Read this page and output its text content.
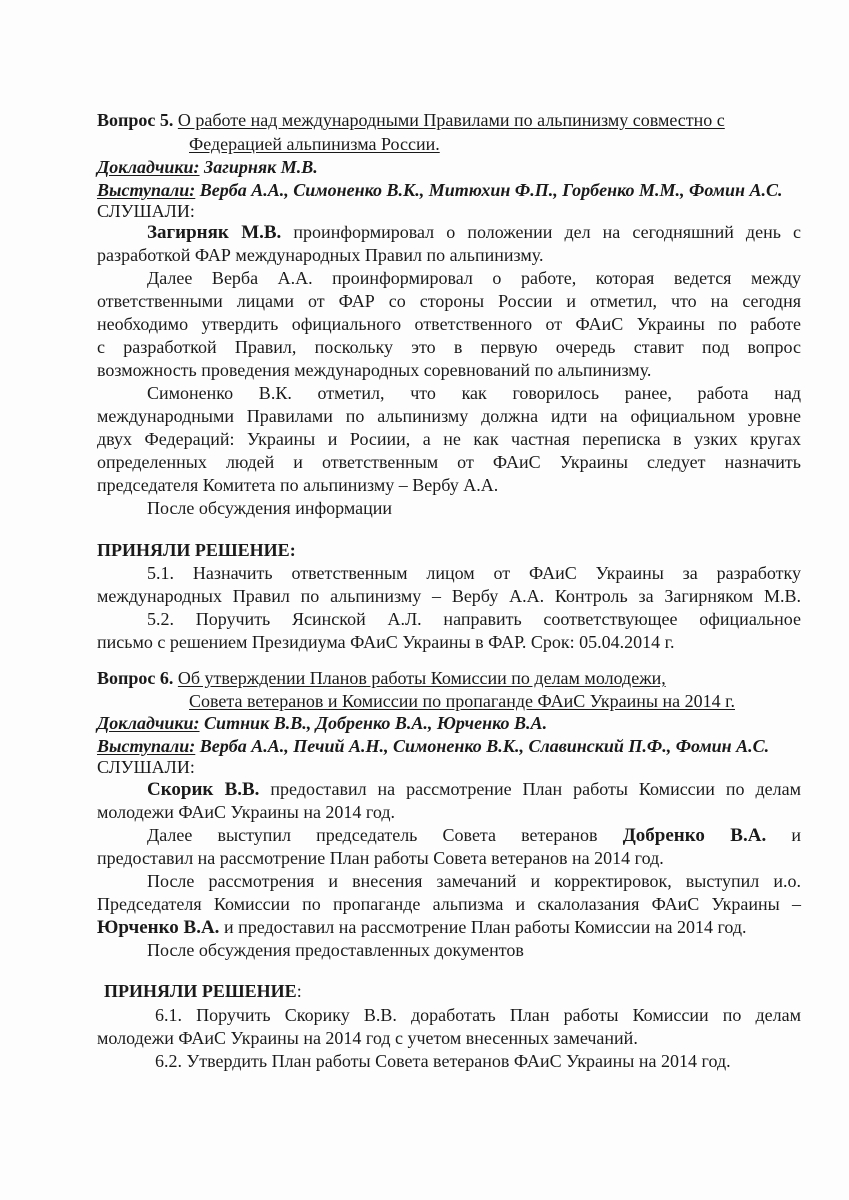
Вопрос 5. О работе над международными Правилами по альпинизму совместно с
Федерацией альпинизма России.
Докладчики: Загирняк М.В.
Выступали: Верба А.А., Симоненко В.К., Митюхин Ф.П., Горбенко М.М., Фомин А.С.
СЛУШАЛИ:
Загирняк М.В. проинформировал о положении дел на сегодняшний день с
разработкой ФАР международных Правил по альпинизму.
Далее Верба А.А. проинформировал о работе, которая ведется между
ответственными лицами от ФАР со стороны России и отметил, что на сегодня
необходимо утвердить официального ответственного от ФАиС Украины по работе
с разработкой Правил, поскольку это в первую очередь ставит под вопрос
возможность проведения международных соревнований по альпинизму.
Симоненко В.К. отметил, что как говорилось ранее, работа над
международными Правилами по альпинизму должна идти на официальном уровне
двух Федераций: Украины и Росиии, а не как частная переписка в узких кругах
определенных людей и ответственным от ФАиС Украины следует назначить
председателя Комитета по альпинизму – Вербу А.А.
После обсуждения информации
ПРИНЯЛИ РЕШЕНИЕ:
5.1. Назначить ответственным лицом от ФАиС Украины за разработку
международных Правил по альпинизму – Вербу А.А. Контроль за Загирняком М.В.
5.2. Поручить Ясинской А.Л. направить соответствующее официальное
письмо с решением Президиума ФАиС Украины в ФАР. Срок: 05.04.2014 г.
Вопрос 6. Об утверждении Планов работы Комиссии по делам молодежи,
Совета ветеранов и Комиссии по пропаганде ФАиС Украины на 2014 г.
Докладчики: Ситник В.В., Добренко В.А., Юрченко В.А.
Выступали: Верба А.А., Печий А.Н., Симоненко В.К., Славинский П.Ф., Фомин А.С.
СЛУШАЛИ:
Скорик В.В. предоставил на рассмотрение План работы Комиссии по делам
молодежи ФАиС Украины на 2014 год.
Далее выступил председатель Совета ветеранов Добренко В.А. и
предоставил на рассмотрение План работы Совета ветеранов на 2014 год.
После рассмотрения и внесения замечаний и корректировок, выступил и.о.
Председателя Комиссии по пропаганде альпизма и скалолазания ФАиС Украины –
Юрченко В.А. и предоставил на рассмотрение План работы Комиссии на 2014 год.
После обсуждения предоставленных документов
ПРИНЯЛИ РЕШЕНИЕ:
6.1. Поручить Скорику В.В. доработать План работы Комиссии по делам
молодежи ФАиС Украины на 2014 год с учетом внесенных замечаний.
6.2. Утвердить План работы Совета ветеранов ФАиС Украины на 2014 год.
